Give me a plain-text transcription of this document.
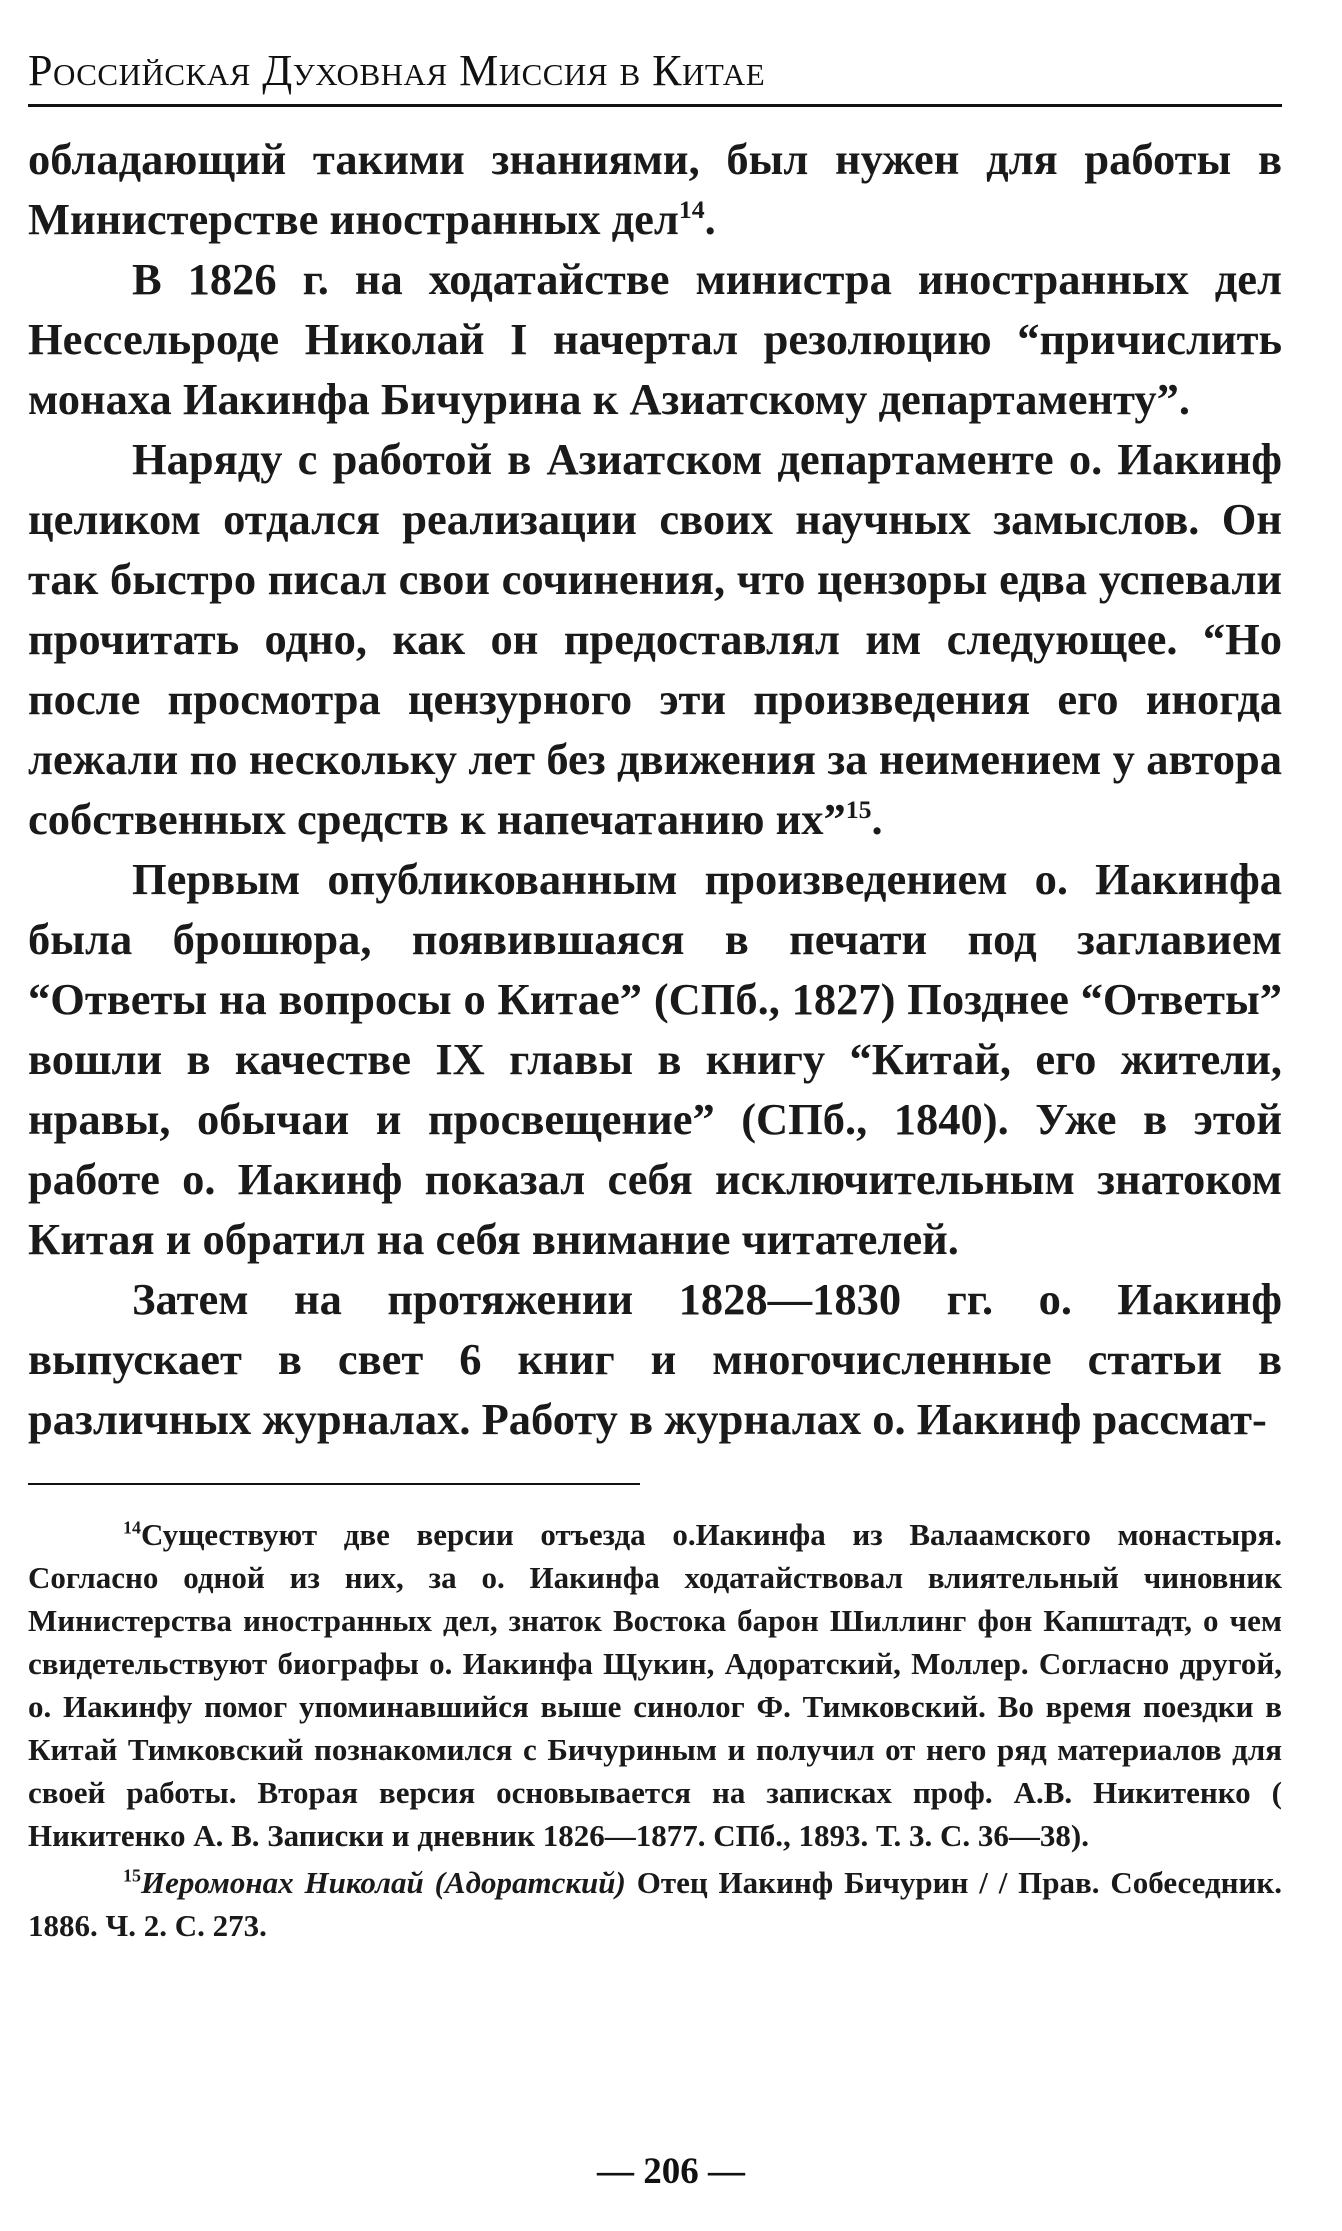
Российская Духовная Миссия в Китае

обладающий такими знаниями, был нужен для работы в Министерстве иностранных дел$^{14}$.

В 1826 г. на ходатайстве министра иностранных дел Нессельроде Николай I начертал резолюцию “причислить монаха Иакинфа Бичурина к Азиатскому департаменту”.

Наряду с работой в Азиатском департаменте о. Иакинф целиком отдался реализации своих научных замыслов. Он так быстро писал свои сочинения, что цензоры едва успевали прочитать одно, как он предоставлял им следующее. “Но после просмотра цензурного эти произведения его иногда лежали по нескольку лет без движения за неимением у автора собственных средств к напечатанию их”$^{15}$.

Первым опубликованным произведением о. Иакинфа была брошюра, появившаяся в печати под заглавием “Ответы на вопросы о Китае” (СПб., 1827) Позднее “Ответы” вошли в качестве IX главы в книгу “Китай, его жители, нравы, обычаи и просвещение” (СПб., 1840). Уже в этой работе о. Иакинф показал себя исключительным знатоком Китая и обратил на себя внимание читателей.

Затем на протяжении 1828—1830 гг. о. Иакинф выпускает в свет 6 книг и многочисленные статьи в различных журналах. Работу в журналах о. Иакинф рассмат-

$^{14}$Существуют две версии отъезда о.Иакинфа из Валаамского монастыря. Согласно одной из них, за о. Иакинфа ходатайствовал влиятельный чиновник Министерства иностранных дел, знаток Востока барон Шиллинг фон Капштадт, о чем свидетельствуют биографы о. Иакинфа Щукин, Адоратский, Моллер. Согласно другой, о. Иакинфу помог упоминавшийся выше синолог Ф. Тимковский. Во время поездки в Китай Тимковский познакомился с Бичуриным и получил от него ряд материалов для своей работы. Вторая версия основывается на записках проф. А.В. Никитенко ( Никитенко А. В. Записки и дневник 1826—1877. СПб., 1893. Т. 3. С. 36—38).

$^{15}$Иеромонах Николай (Адоратский) Отец Иакинф Бичурин / / Прав. Собеседник. 1886. Ч. 2. С. 273.

— 206 —
